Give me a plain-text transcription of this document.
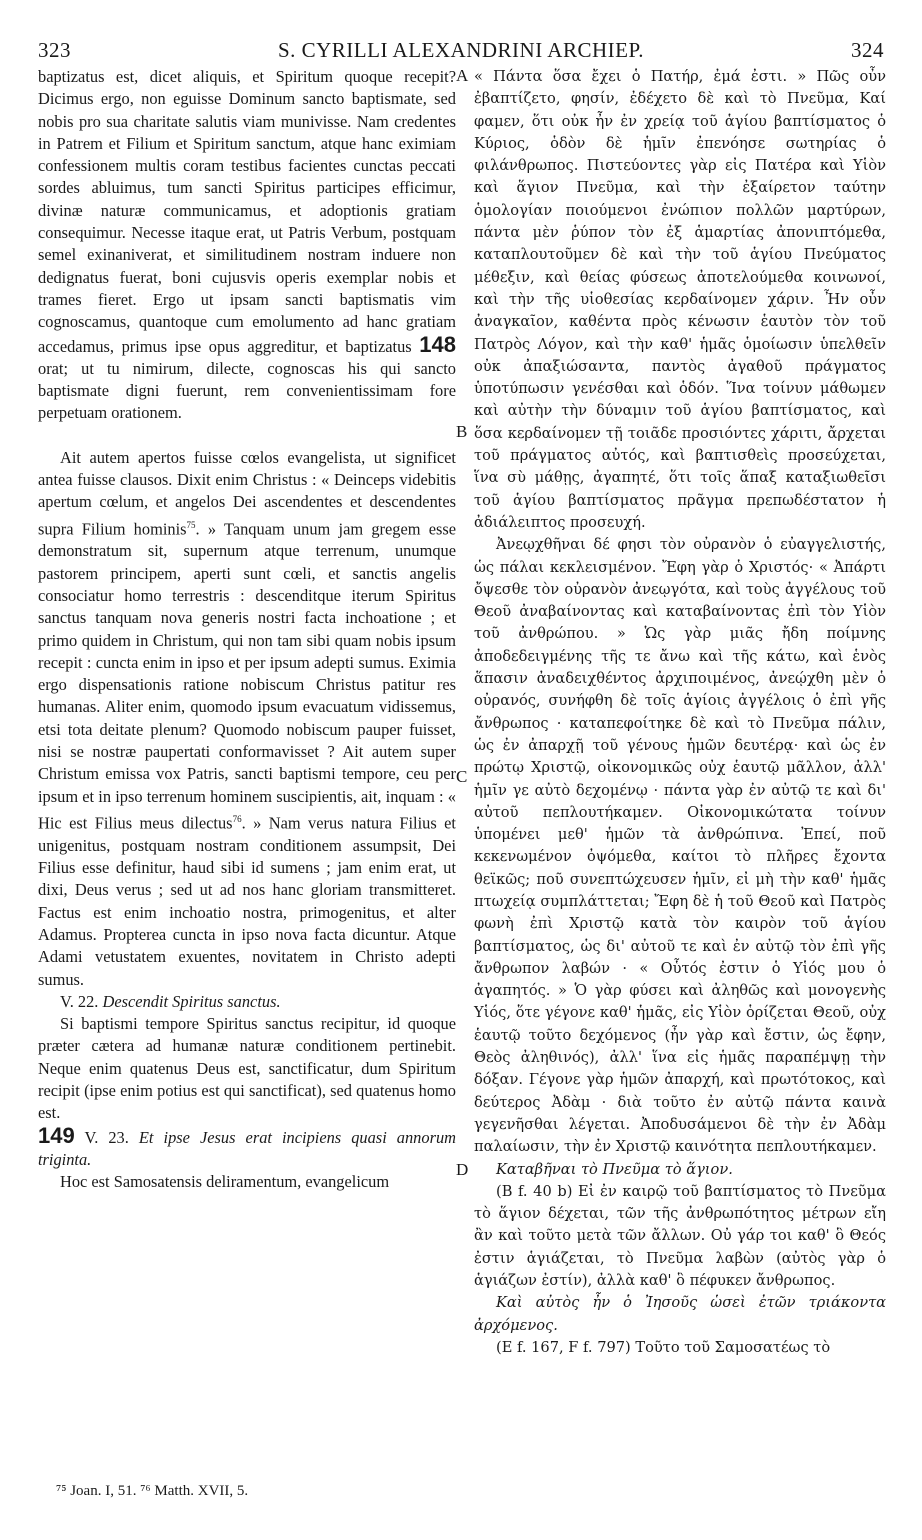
323	S. CYRILLI ALEXANDRINI ARCHIEP.	324
A
B
C
D

baptizatus est, dicet aliquis, et Spiritum quoque recepit? Dicimus ergo, non eguisse Dominum sancto baptismate, sed nobis pro sua charitate salutis viam munivisse. Nam credentes in Patrem et Filium et Spiritum sanctum, atque hanc eximiam confessionem multis coram testibus facientes cunctas peccati sordes abluimus, tum sancti Spiritus participes efficimur, divinæ naturæ communicamus, et adoptionis gratiam consequimur. Necesse itaque erat, ut Patris Verbum, postquam semel exinaniverat, et similitudinem nostram induere non dedignatus fuerat, boni cujusvis operis exemplar nobis et trames fieret. Ergo ut ipsam sancti baptismatis vim cognoscamus, quantoque cum emolumento ad hanc gratiam accedamus, primus ipse opus aggreditur, et baptizatus 148 orat; ut tu nimirum, dilecte, cognoscas his qui sancto baptismate digni fuerunt, rem convenientissimam fore perpetuam orationem.

Ait autem apertos fuisse cœlos evangelista, ut significet antea fuisse clausos. Dixit enim Christus : « Deinceps videbitis apertum cœlum, et angelos Dei ascendentes et descendentes supra Filium hominis$^{75}$. » Tanquam unum jam gregem esse demonstratum sit, supernum atque terrenum, unumque pastorem principem, aperti sunt cœli, et sanctis angelis consociatur homo terrestris : descenditque iterum Spiritus sanctus tanquam nova generis nostri facta inchoatione ; et primo quidem in Christum, qui non tam sibi quam nobis ipsum recepit : cuncta enim in ipso et per ipsum adepti sumus. Eximia ergo dispensationis ratione nobiscum Christus patitur res humanas. Aliter enim, quomodo ipsum evacuatum vidissemus, etsi tota deitate plenum? Quomodo nobiscum pauper fuisset, nisi se nostræ paupertati conformavisset ? Ait autem super Christum emissa vox Patris, sancti baptismi tempore, ceu per ipsum et in ipso terrenum hominem suscipientis, ait, inquam : « Hic est Filius meus dilectus$^{76}$. » Nam verus natura Filius et unigenitus, postquam nostram conditionem assumpsit, Dei Filius esse definitur, haud sibi id sumens ; jam enim erat, ut dixi, Deus verus ; sed ut ad nos hanc gloriam transmitteret. Factus est enim inchoatio nostra, primogenitus, et alter Adamus. Propterea cuncta in ipso nova facta dicuntur. Atque Adami vetustatem exuentes, novitatem in Christo adepti sumus.

V. 22. Descendit Spiritus sanctus.

Si baptismi tempore Spiritus sanctus recipitur, id quoque præter cætera ad humanæ naturæ conditionem pertinebit. Neque enim quatenus Deus est, sanctificatur, dum Spiritum recipit (ipse enim potius est qui sanctificat), sed quatenus homo est.

149 V. 23. Et ipse Jesus erat incipiens quasi annorum triginta.

Hoc est Samosatensis deliramentum, evangelicum

« Πάντα ὅσα ἔχει ὁ Πατήρ, ἐμά ἐστι. » Πῶς οὖν ἐβαπτίζετο, φησίν, ἐδέχετο δὲ καὶ τὸ Πνεῦμα, Καί φαμεν, ὅτι οὐκ ἦν ἐν χρείᾳ τοῦ ἁγίου βαπτίσματος ὁ Κύριος, ὁδὸν δὲ ἡμῖν ἐπενόησε σωτηρίας ὁ φιλάνθρωπος. Πιστεύοντες γὰρ εἰς Πατέρα καὶ Υἱὸν καὶ ἅγιον Πνεῦμα, καὶ τὴν ἐξαίρετον ταύτην ὁμολογίαν ποιούμενοι ἐνώπιον πολλῶν μαρτύρων, πάντα μὲν ῥύπον τὸν ἐξ ἁμαρτίας ἀπονιπτόμεθα, καταπλουτοῦμεν δὲ καὶ τὴν τοῦ ἁγίου Πνεύματος μέθεξιν, καὶ θείας φύσεως ἀποτελούμεθα κοινωνοί, καὶ τὴν τῆς υἱοθεσίας κερδαίνομεν χάριν. Ἦν οὖν ἀναγκαῖον, καθέντα πρὸς κένωσιν ἑαυτὸν τὸν τοῦ Πατρὸς Λόγον, καὶ τὴν καθ' ἡμᾶς ὁμοίωσιν ὑπελθεῖν οὐκ ἀπαξιώσαντα, παντὸς ἀγαθοῦ πράγματος ὑποτύπωσιν γενέσθαι καὶ ὁδόν. Ἵνα τοίνυν μάθωμεν καὶ αὐτὴν τὴν δύναμιν τοῦ ἁγίου βαπτίσματος, καὶ ὅσα κερδαίνομεν τῇ τοιᾶδε προσιόντες χάριτι, ἄρχεται τοῦ πράγματος αὐτός, καὶ βαπτισθεὶς προσεύχεται, ἵνα σὺ μάθῃς, ἀγαπητέ, ὅτι τοῖς ἅπαξ καταξιωθεῖσι τοῦ ἁγίου βαπτίσματος πρᾶγμα πρεπωδέστατον ἡ ἀδιάλειπτος προσευχή.

Ἀνεῳχθῆναι δέ φησι τὸν οὐρανὸν ὁ εὐαγγελιστής, ὡς πάλαι κεκλεισμένον. Ἔφη γὰρ ὁ Χριστός· « Ἀπάρτι ὄψεσθε τὸν οὐρανὸν ἀνεῳγότα, καὶ τοὺς ἀγγέλους τοῦ Θεοῦ ἀναβαίνοντας καὶ καταβαίνοντας ἐπὶ τὸν Υἱὸν τοῦ ἀνθρώπου. » Ὡς γὰρ μιᾶς ἤδη ποίμνης ἀποδεδειγμένης τῆς τε ἄνω καὶ τῆς κάτω, καὶ ἑνὸς ἅπασιν ἀναδειχθέντος ἀρχιποιμένος, ἀνεῴχθη μὲν ὁ οὐρανός, συνήφθη δὲ τοῖς ἁγίοις ἀγγέλοις ὁ ἐπὶ γῆς ἄνθρωπος · καταπεφοίτηκε δὲ καὶ τὸ Πνεῦμα πάλιν, ὡς ἐν ἀπαρχῇ τοῦ γένους ἡμῶν δευτέρᾳ· καὶ ὡς ἐν πρώτῳ Χριστῷ, οἰκονομικῶς οὐχ ἑαυτῷ μᾶλλον, ἀλλ' ἡμῖν γε αὐτὸ δεχομένῳ · πάντα γὰρ ἐν αὐτῷ τε καὶ δι' αὐτοῦ πεπλουτήκαμεν. Οἰκονομικώτατα τοίνυν ὑπομένει μεθ' ἡμῶν τὰ ἀνθρώπινα. Ἐπεί, ποῦ κεκενωμένον ὀψόμεθα, καίτοι τὸ πλῆρες ἔχοντα θεϊκῶς; ποῦ συνεπτώχευσεν ἡμῖν, εἰ μὴ τὴν καθ' ἡμᾶς πτωχείᾳ συμπλάττεται; Ἔφη δὲ ἡ τοῦ Θεοῦ καὶ Πατρὸς φωνὴ ἐπὶ Χριστῷ κατὰ τὸν καιρὸν τοῦ ἁγίου βαπτίσματος, ὡς δι' αὐτοῦ τε καὶ ἐν αὐτῷ τὸν ἐπὶ γῆς ἄνθρωπον λαβών · « Οὗτός ἐστιν ὁ Υἱός μου ὁ ἀγαπητός. » Ὁ γὰρ φύσει καὶ ἀληθῶς καὶ μονογενὴς Υἱός, ὅτε γέγονε καθ' ἡμᾶς, εἰς Υἱὸν ὁρίζεται Θεοῦ, οὐχ ἑαυτῷ τοῦτο δεχόμενος (ἦν γὰρ καὶ ἔστιν, ὡς ἔφην, Θεὸς ἀληθινός), ἀλλ' ἵνα εἰς ἡμᾶς παραπέμψῃ τὴν δόξαν. Γέγονε γὰρ ἡμῶν ἀπαρχή, καὶ πρωτότοκος, καὶ δεύτερος Ἀδὰμ · διὰ τοῦτο ἐν αὐτῷ πάντα καινὰ γεγενῆσθαι λέγεται. Ἀποδυσάμενοι δὲ τὴν ἐν Ἀδὰμ παλαίωσιν, τὴν ἐν Χριστῷ καινότητα πεπλουτήκαμεν.

Καταβῆναι τὸ Πνεῦμα τὸ ἅγιον.

(B f. 40 b) Εἰ ἐν καιρῷ τοῦ βαπτίσματος τὸ Πνεῦμα τὸ ἅγιον δέχεται, τῶν τῆς ἀνθρωπότητος μέτρων εἴη ἂν καὶ τοῦτο μετὰ τῶν ἄλλων. Οὐ γάρ τοι καθ' ὃ Θεός ἐστιν ἁγιάζεται, τὸ Πνεῦμα λαβὼν (αὐτὸς γὰρ ὁ ἁγιάζων ἐστίν), ἀλλὰ καθ' ὃ πέφυκεν ἄνθρωπος.

Καὶ αὐτὸς ἦν ὁ Ἰησοῦς ὡσεὶ ἐτῶν τριάκοντα ἀρχόμενος.

(E f. 167, F f. 797) Τοῦτο τοῦ Σαμοσατέως τὸ

⁷⁵ Joan. I, 51. ⁷⁶ Matth. XVII, 5.
